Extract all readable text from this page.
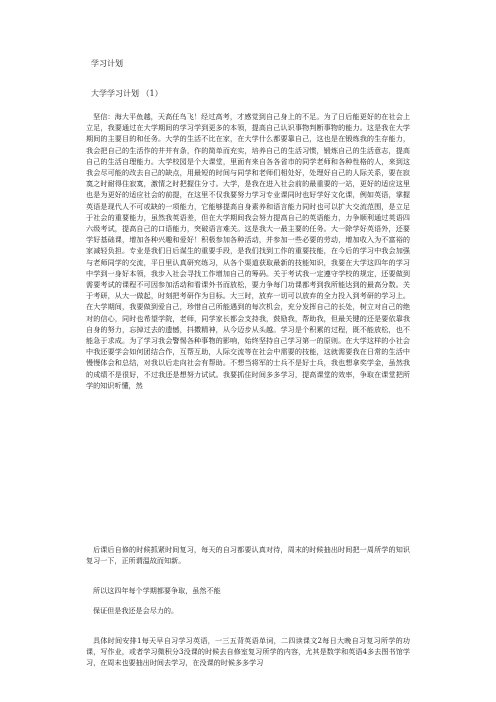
学习计划
大学学习计划 （1）

坚信：海大平鱼越，天高任鸟飞！经过高考，才感觉到自己身上的不足。为了日后能更好的在社会上立足，我要通过在大学期间的学习学到更多的本领，提高自己认识事物判断事物的能力。这是我在大学期间的主要目的和任务。大学的生活不比在家，在大学什么都要靠自己，这也是在锻炼我的生存能力，我会把自己的生活作的井井有条，作的简单而充实，培养自己的生活习惯，锻炼自己的生活意志，提高自己的生活自理能力。大学校园是个大课堂，里面有来自各各省市的同学老师和各种性格的人，来到这我会尽可能的改去自己的缺点，用最短的时间与同学和老师们相处好，处理好自己的人际关系，要在寂寞之时耐得住寂寞，激情之时把握住分寸。大学，是我在进入社会前的最重要的一站，更好的适应这里也是为更好的适应社会的前提，在这里不仅我要努力学习专业课同时也好学好文化课，例如英语，掌握英语是现代人不可或缺的一项能力，它能够提高自身素养和语言能力同时也可以扩大交流范围，是立足于社会的重要能力，虽然我英语差，但在大学期间我会努力提高自己的英语能力，力争顺利通过英语四六级考试，提高自己的口语能力，突破语言难关。这是我大一最主要的任务。大一除学好英语外，还要学好基础课，增加各种兴趣和爱好！积极参加各种活动，并参加一些必要的劳动，增加收入为不富裕的家减轻负担。专业是我们日后谋生的重要手段，是我们找到工作的重要技能，在今后的学习中我会加强与老师同学的交流，平日里认真研究练习，从各个渠道获取最新的技能知识，我要在大学这四年的学习中学到一身好本领，我步入社会寻找工作增加自己的筹码。关于考试我一定遵守学校的规定，还要做到需要考试的课程不可因参加活动和看课外书而放松，要力争每门功课都考到我所能达到的最高分数。关于考研，从大一做起，时刻把考研作为目标。大三时，放弃一切可以放弃的全力投入到考研的学习上。在大学期间，我要做到爱自己，珍惜自己所能遇到的每次机会，充分发挥自己的长处，树立对自己的绝对的信心，同时也希望学院，老师，同学家长都会支持我，鼓励我，帮助我，但最关键的还是要依靠我自身的努力，忘掉过去的遗憾，抖擞精神，从今迈步从头越。学习是个积累的过程，既不能放松，也不能急于求成。为了学习我会警惕各种事物的影响，始终坚持自己学习第一的原则。在大学这样的小社会中我还要学会如何团结合作，互帮互助，人际交流等在社会中需要的技能，这就需要我在日常的生活中慢慢体会和总结，对我以后走向社会有帮助。不想当将军的士兵不是好士兵，我也想拿奖学金，虽然我的成绩不是很好，不过我还是想努力试试。我要抓住时间多多学习，提高课堂的效率，争取在课堂把所学的知识听懂，然

后课后自修的时候抓紧时间复习，每天的自习都要认真对待，周末的时候抽出时间把一周所学的知识复习一下，正所谓温故而知新。

所以这四年每个学期都要争取，虽然不能

保证但是我还是会尽力的。

具体时间安排1每天早自习学习英语，一三五背英语单词，二四读课文2每日大晚自习复习所学的功课，写作业，或者学习微积分3没课的时候去自修室复习所学的内容，尤其是数学和英语4多去图书馆学习，在周末也要抽出时间去学习，在没课的时候多多学习
